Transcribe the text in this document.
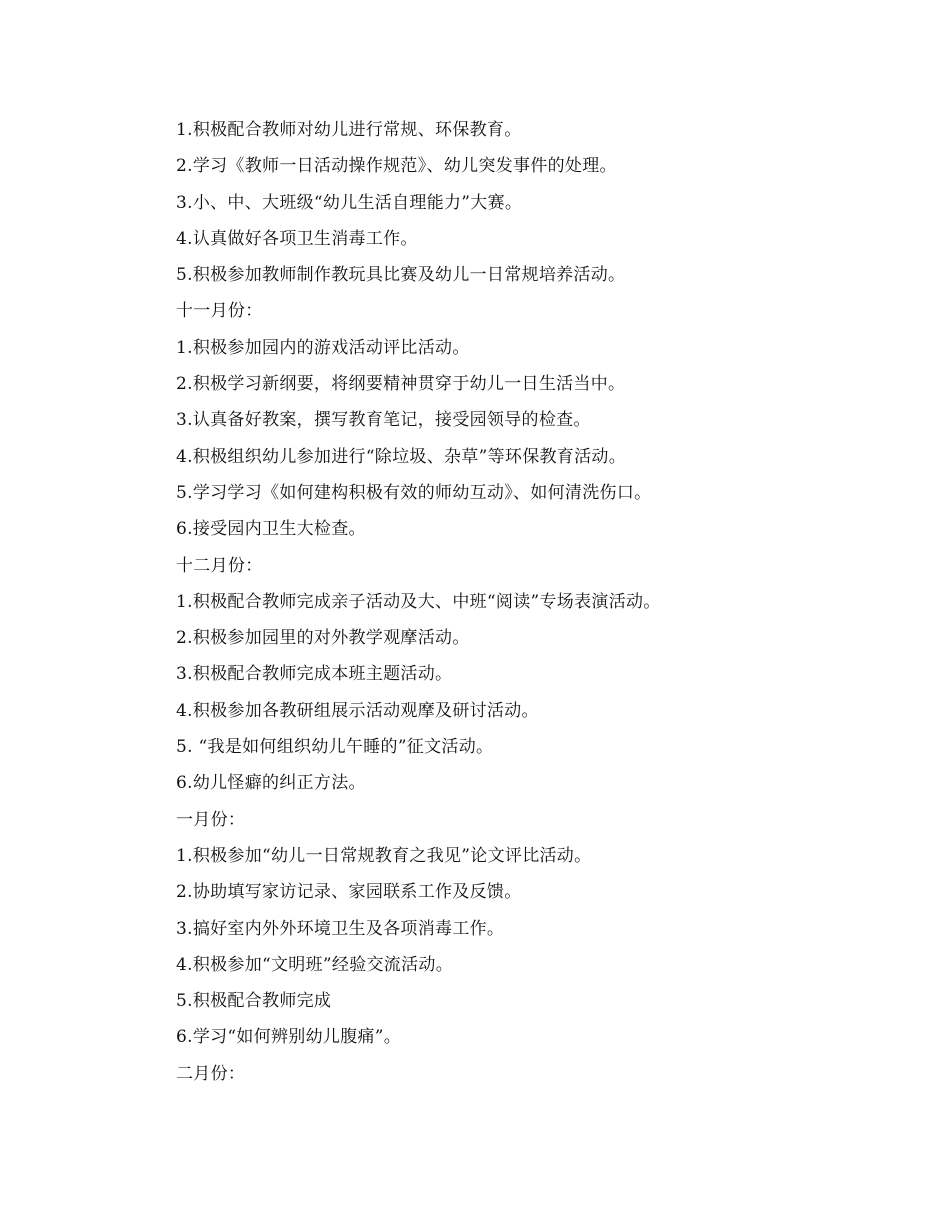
1.积极配合教师对幼儿进行常规、环保教育。
2.学习《教师一日活动操作规范》、幼儿突发事件的处理。
3.小、中、大班级“幼儿生活自理能力”大赛。
4.认真做好各项卫生消毒工作。
5.积极参加教师制作教玩具比赛及幼儿一日常规培养活动。
十一月份：
1.积极参加园内的游戏活动评比活动。
2.积极学习新纲要，将纲要精神贯穿于幼儿一日生活当中。
3.认真备好教案，撰写教育笔记，接受园领导的检查。
4.积极组织幼儿参加进行“除垃圾、杂草”等环保教育活动。
5.学习学习《如何建构积极有效的师幼互动》、如何清洗伤口。
6.接受园内卫生大检查。
十二月份：
1.积极配合教师完成亲子活动及大、中班“阅读”专场表演活动。
2.积极参加园里的对外教学观摩活动。
3.积极配合教师完成本班主题活动。
4.积极参加各教研组展示活动观摩及研讨活动。
5. “我是如何组织幼儿午睡的”征文活动。
6.幼儿怪癖的纠正方法。
一月份：
1.积极参加“幼儿一日常规教育之我见”论文评比活动。
2.协助填写家访记录、家园联系工作及反馈。
3.搞好室内外外环境卫生及各项消毒工作。
4.积极参加“文明班”经验交流活动。
5.积极配合教师完成
6.学习“如何辨别幼儿腹痛”。
二月份：
